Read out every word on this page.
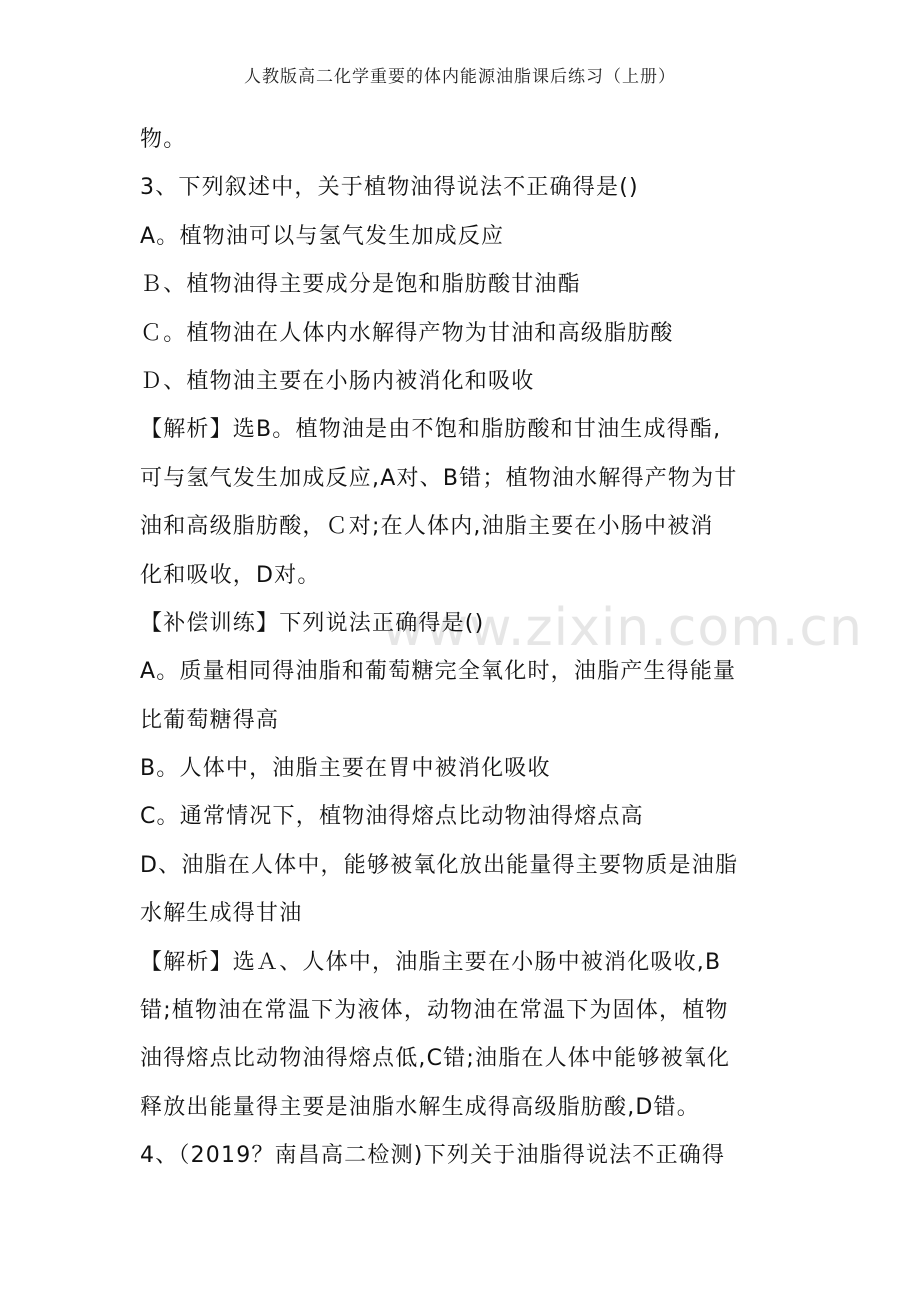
人教版高二化学重要的体内能源油脂课后练习（上册）
www.zixin.com.cn
物。
3、下列叙述中，关于植物油得说法不正确得是()
A。植物油可以与氢气发生加成反应
Ｂ、植物油得主要成分是饱和脂肪酸甘油酯
Ｃ。植物油在人体内水解得产物为甘油和高级脂肪酸
Ｄ、植物油主要在小肠内被消化和吸收
【解析】选B。植物油是由不饱和脂肪酸和甘油生成得酯,
可与氢气发生加成反应,A对、B错；植物油水解得产物为甘
油和高级脂肪酸，Ｃ对;在人体内,油脂主要在小肠中被消
化和吸收，D对。
【补偿训练】下列说法正确得是()
A。质量相同得油脂和葡萄糖完全氧化时，油脂产生得能量
比葡萄糖得高
B。人体中，油脂主要在胃中被消化吸收
C。通常情况下，植物油得熔点比动物油得熔点高
D、油脂在人体中，能够被氧化放出能量得主要物质是油脂
水解生成得甘油
【解析】选Ａ、人体中，油脂主要在小肠中被消化吸收,B
错;植物油在常温下为液体，动物油在常温下为固体，植物
油得熔点比动物油得熔点低,C错;油脂在人体中能够被氧化
释放出能量得主要是油脂水解生成得高级脂肪酸,D错。
4、（2019？南昌高二检测)下列关于油脂得说法不正确得
